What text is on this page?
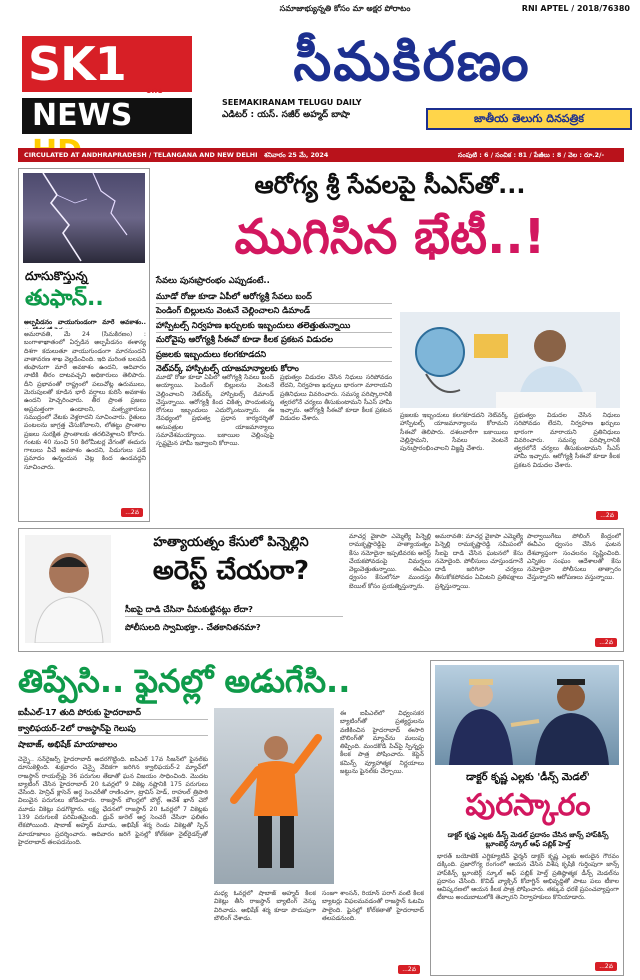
SK1	one
NEWS
సమాజాభ్యున్నతి కోసం మా అక్షర పోరాటం	RNI APTEL / 2018/76380
సీమకిరణం
SEEMAKIRANAM TELUGU DAILY
ఎడిటర్ : యస్. సజీర్ అహ్మద్ బాషా	జాతీయ తెలుగు దినపత్రిక
CIRCULATED AT ANDHRAPRADESH / TELANGANA AND NEW DELHI శనివారం 25 మే, 2024	సంపుటి : 6 / సంచిక : 81 / పేజీలు : 8 / వెల : రూ.2/-
దూసుకొస్తున్న
తుఫాన్..
అల్పపీడనం వాయుగుండంగా మారే అవకాశం..
అమరావతి, మే 24 (సీమకిరణం) : బంగాళాఖాతంలో ఏర్పడిన అల్పపీడనం ఈశాన్య దిశగా కదులుతూ వాయుగుండంగా మారనుందని వాతావరణ శాఖ వెల్లడించింది. ఇది మరింత బలపడి తుఫానుగా మారే అవకాశం ఉందని, ఆదివారం నాటికి తీరం దాటవచ్చని అధికారులు తెలిపారు. దీని ప్రభావంతో రాష్ట్రంలో పలుచోట్ల ఉరుములు, మెరుపులతో కూడిన భారీ వర్షాలు కురిసే అవకాశం ఉందని హెచ్చరించారు. తీర ప్రాంత ప్రజలు అప్రమత్తంగా ఉండాలని, మత్స్యకారులు సముద్రంలో వేటకు వెళ్లరాదని సూచించారు. రైతులు పంటలను జాగ్రత్త చేసుకోవాలని, లోతట్టు ప్రాంతాల ప్రజలు సురక్షిత ప్రాంతాలకు తరలివెళ్లాలని కోరారు. గంటకు 40 నుంచి 50 కిలోమీటర్ల వేగంతో ఈదురు గాలులు వీచే అవకాశం ఉందని, పిడుగులు పడే ప్రమాదం ఉన్నందున చెట్ల కింద ఉండవద్దని సూచించారు.
...2వ
ఆరోగ్య శ్రీ సేవలపై సీఎస్‌తో...
ముగిసిన భేటీ..!
సేవలు పునఃప్రారంభం ఎప్పుడంటే..
మూడో రోజు కూడా ఏపీలో ఆరోగ్యశ్రీ సేవలు బంద్
పెండింగ్ బిల్లులను వెంటనే చెల్లించాలని డిమాండ్
హాస్పిటల్స్ నిర్వహణ ఖర్చులకు ఇబ్బందులు తలెత్తుతున్నాయి
మరోవైపు ఆరోగ్యశ్రీ సీఈవో కూడా కీలక ప్రకటన విడుదల
ప్రజలకు ఇబ్బందులు కలగకూడదని
నెట్‌వర్క్ హాస్పిటల్స్ యాజమాన్యాలకు కోరాం
మూడో రోజు కూడా ఏపీలో ఆరోగ్యశ్రీ సేవలు బంద్ అయ్యాయి. పెండింగ్ బిల్లులను వెంటనే చెల్లించాలని నెట్‌వర్క్ హాస్పిటల్స్ డిమాండ్ చేస్తున్నాయి. ఆరోగ్యశ్రీ కింద చికిత్స పొందుతున్న రోగులు ఇబ్బందులు ఎదుర్కొంటున్నారు. ఈ నేపథ్యంలో ప్రభుత్వ ప్రధాన కార్యదర్శితో ఆసుపత్రుల యాజమాన్యాలు సమావేశమయ్యాయి. బకాయిల చెల్లింపుపై స్పష్టమైన హామీ ఇవ్వాలని కోరాయి.
ప్రభుత్వం విడుదల చేసిన నిధులు సరిపోవడం లేదని, నిర్వహణ ఖర్చులు భారంగా మారాయని ప్రతినిధులు వివరించారు. సమస్య పరిష్కారానికి త్వరలోనే చర్యలు తీసుకుంటామని సీఎస్ హామీ ఇచ్చారు. ఆరోగ్యశ్రీ సీఈవో కూడా కీలక ప్రకటన విడుదల చేశారు.	ప్రజలకు ఇబ్బందులు కలగకూడదని నెట్‌వర్క్ హాస్పిటల్స్ యాజమాన్యాలను కోరామని సీఈవో తెలిపారు. దశలవారీగా బకాయిలు చెల్లిస్తామని, సేవలు వెంటనే పునఃప్రారంభించాలని విజ్ఞప్తి చేశారు.
ప్రభుత్వం విడుదల చేసిన నిధులు సరిపోవడం లేదని, నిర్వహణ ఖర్చులు భారంగా మారాయని ప్రతినిధులు వివరించారు. సమస్య పరిష్కారానికి త్వరలోనే చర్యలు తీసుకుంటామని సీఎస్ హామీ ఇచ్చారు. ఆరోగ్యశ్రీ సీఈవో కూడా కీలక ప్రకటన విడుదల చేశారు.
...2వ
హత్యాయత్నం కేసులో పిన్నెల్లిని
అరెస్ట్ చేయరా?
సీఐపై దాడి చేసినా చీమకుట్టినట్లు లేదా?
పోలీసులది స్వామిభక్తా.. చేతకానితనమా?
మాచర్ల వైకాపా ఎమ్మెల్యే పిన్నెల్లి రామకృష్ణారెడ్డిపై హత్యాయత్నం కేసు నమోదైనా ఇప్పటివరకు అరెస్ట్ చేయకపోవడంపై విమర్శలు వెల్లువెత్తుతున్నాయి. ఈవీఎం ధ్వంసం కేసులోనూ ముందస్తు బెయిల్ కోసం ప్రయత్నిస్తున్నారు.
అమరావతి: మాచర్ల వైకాపా ఎమ్మెల్యే పిన్నెల్లి రామకృష్ణారెడ్డి సమీపంలో సీఐపై దాడి చేసిన ఘటనలో కేసు నమోదైంది. పోలీసులు చూస్తుండగానే దాడి జరిగినా చర్యలు తీసుకోకపోవడం ఏమిటని ప్రతిపక్షాలు ప్రశ్నిస్తున్నాయి.
పాల్వాయిగేటు పోలింగ్ కేంద్రంలో ఈవీఎం ధ్వంసం చేసిన ఘటన దేశవ్యాప్తంగా సంచలనం సృష్టించింది. ఎన్నికల సంఘం ఆదేశాలతో కేసు నమోదైనా పోలీసులు తాత్సారం చేస్తున్నారని ఆరోపణలు వస్తున్నాయి.
...2వ
తిప్పేసి.. ఫైనల్లో అడుగేసి..
ఐపీఎల్-17 తుది పోరుకు హైదరాబాద్
క్వాలిఫయర్-2లో రాజస్థాన్‌పై గెలుపు
షాబాజ్, అభిషేక్ మాయాజాలం
చెన్నై.. సన్‌రైజర్స్ హైదరాబాద్ అదరగొట్టింది. ఐపీఎల్ 17వ సీజన్‌లో ఫైనల్‌కు దూసుకెళ్లింది. శుక్రవారం చెన్నై వేదికగా జరిగిన క్వాలిఫయర్-2 మ్యాచ్‌లో రాజస్థాన్ రాయల్స్‌పై 36 పరుగుల తేడాతో ఘన విజయం సాధించింది. మొదట బ్యాటింగ్ చేసిన హైదరాబాద్ 20 ఓవర్లలో 9 వికెట్ల నష్టానికి 175 పరుగులు చేసింది. హెన్రిచ్ క్లాసెన్ అర్ధ సెంచరీతో రాణించగా, ట్రావిస్ హెడ్, రాహుల్ త్రిపాఠి విలువైన పరుగులు జోడించారు. రాజస్థాన్ బౌలర్లలో బౌల్ట్, ఆవేశ్ ఖాన్ చెరో మూడు వికెట్లు పడగొట్టారు. లక్ష్య ఛేదనలో రాజస్థాన్ 20 ఓవర్లలో 7 వికెట్లకు 139 పరుగులకే పరిమితమైంది. ధ్రువ్ జురెల్ అర్ధ సెంచరీ చేసినా ఫలితం లేకపోయింది. షాబాజ్ అహ్మద్ మూడు, అభిషేక్ శర్మ రెండు వికెట్లతో స్పిన్ మాయాజాలం ప్రదర్శించారు. ఆదివారం జరిగే ఫైనల్లో కోల్‌కతా నైట్‌రైడర్స్‌తో హైదరాబాద్ తలపడనుంది.
ఈ ఐపీఎల్‌లో విధ్వంసకర బ్యాటింగ్‌తో ప్రత్యర్థులను వణికించిన హైదరాబాద్ ఈసారి బౌలింగ్‌తో మ్యాచ్‌ను మలుపు తిప్పింది. మందకొడి పిచ్‌పై స్పిన్నర్లు కీలక పాత్ర పోషించారు. కెప్టెన్ కమిన్స్ వ్యూహాత్మక నిర్ణయాలు జట్టును ఫైనల్‌కు చేర్చాయి.
మధ్య ఓవర్లలో షాబాజ్ అహ్మద్ కీలక వికెట్లు తీసి రాజస్థాన్ బ్యాటింగ్ వెన్ను విరిచాడు. అభిషేక్ శర్మ కూడా పొదుపుగా బౌలింగ్ చేశాడు.
సంజూ శాంసన్, రియాన్ పరాగ్ వంటి కీలక బ్యాటర్లు విఫలమవడంతో రాజస్థాన్ ఓటమి పాలైంది. ఫైనల్లో కోల్‌కతాతో హైదరాబాద్ తలపడనుంది.
...2వ
డాక్టర్ కృష్ణ ఎల్లకు 'డీన్స్ మెడల్'
పురస్కారం
డాక్టర్ కృష్ణ ఎల్లకు డీన్స్ మెడల్ ప్రదానం చేసిన జాన్స్ హాప్‌కిన్స్ బ్లూంబెర్గ్ స్కూల్ ఆఫ్ పబ్లిక్ హెల్త్
భారత్ బయోటెక్ ఎగ్జిక్యూటివ్ ఛైర్మన్ డాక్టర్ కృష్ణ ఎల్లకు అరుదైన గౌరవం దక్కింది. ప్రజారోగ్య రంగంలో ఆయన చేసిన విశేష కృషికి గుర్తింపుగా జాన్స్ హాప్‌కిన్స్ బ్లూంబెర్గ్ స్కూల్ ఆఫ్ పబ్లిక్ హెల్త్ ప్రతిష్ఠాత్మక డీన్స్ మెడల్‌ను ప్రదానం చేసింది. కొవిడ్ వ్యాక్సిన్ కోవాగ్జిన్ అభివృద్ధితో పాటు పలు టీకాల ఆవిష్కరణలో ఆయన కీలక పాత్ర పోషించారు. తక్కువ ధరకే ప్రపంచవ్యాప్తంగా టీకాలు అందుబాటులోకి తెచ్చారని నిర్వాహకులు కొనియాడారు.
...2వ
